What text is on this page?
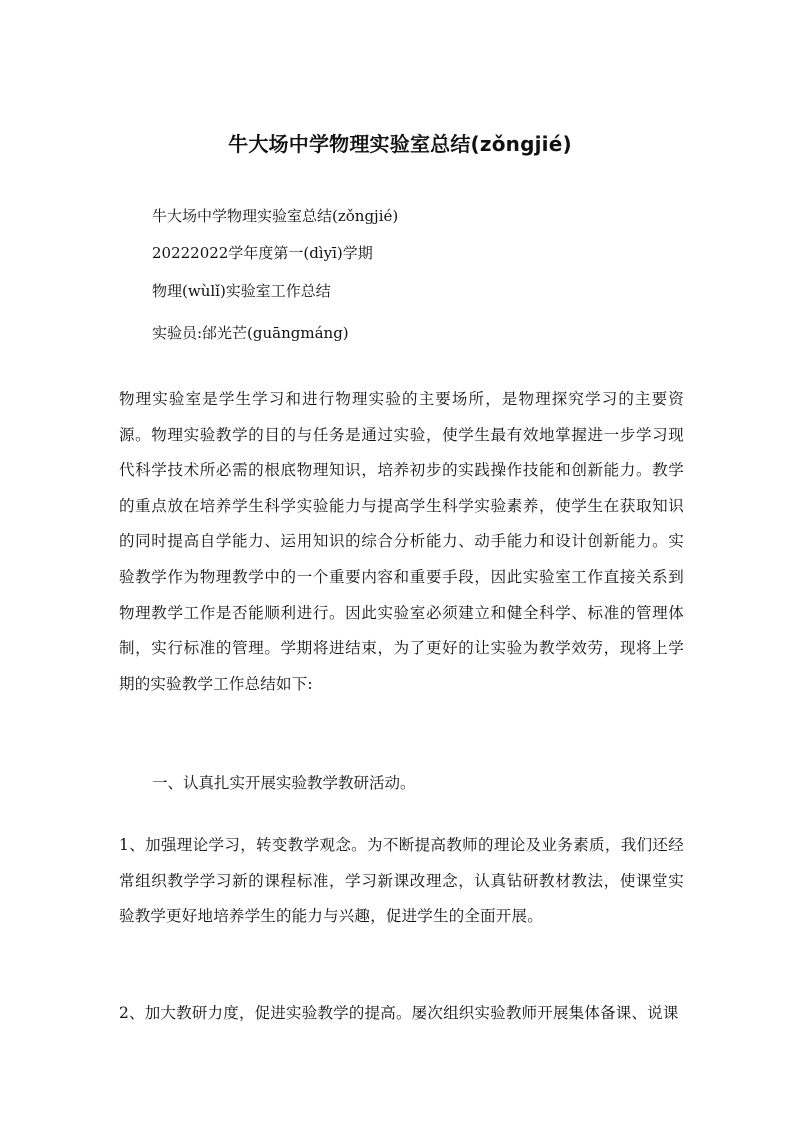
牛大场中学物理实验室总结(zǒngjié)
牛大场中学物理实验室总结(zǒngjié)
20222022学年度第一(dìyī)学期
物理(wùlǐ)实验室工作总结
实验员:邰光芒(guāngmáng)
物理实验室是学生学习和进行物理实验的主要场所，是物理探究学习的主要资源。物理实验教学的目的与任务是通过实验，使学生最有效地掌握进一步学习现代科学技术所必需的根底物理知识，培养初步的实践操作技能和创新能力。教学的重点放在培养学生科学实验能力与提高学生科学实验素养，使学生在获取知识的同时提高自学能力、运用知识的综合分析能力、动手能力和设计创新能力。实验教学作为物理教学中的一个重要内容和重要手段，因此实验室工作直接关系到物理教学工作是否能顺利进行。因此实验室必须建立和健全科学、标准的管理体制，实行标准的管理。学期将进结束，为了更好的让实验为教学效劳，现将上学期的实验教学工作总结如下:
一、认真扎实开展实验教学教研活动。
1、加强理论学习，转变教学观念。为不断提高教师的理论及业务素质，我们还经常组织教学学习新的课程标准，学习新课改理念，认真钻研教材教法，使课堂实验教学更好地培养学生的能力与兴趣，促进学生的全面开展。
2、加大教研力度，促进实验教学的提高。屡次组织实验教师开展集体备课、说课
